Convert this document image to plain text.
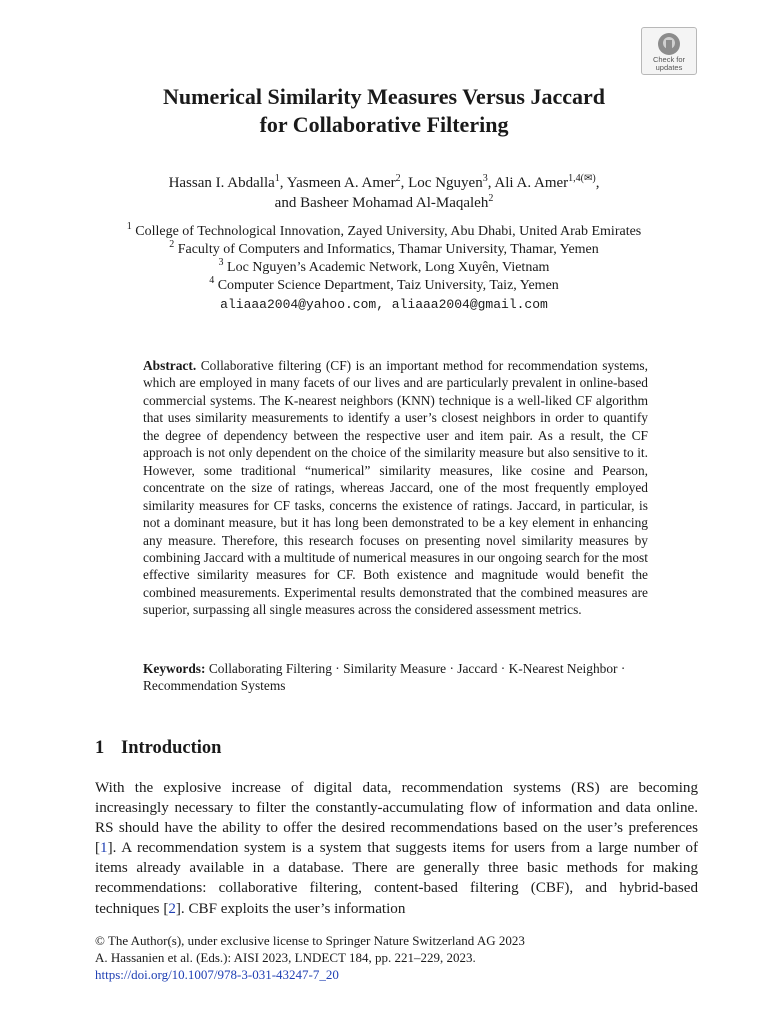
Check for
updates
Numerical Similarity Measures Versus Jaccard
for Collaborative Filtering
Hassan I. Abdalla$^1$, Yasmeen A. Amer$^2$, Loc Nguyen$^3$, Ali A. Amer$^{1,4(✉)}$,
and Basheer Mohamad Al-Maqaleh$^2$
$^1$ College of Technological Innovation, Zayed University, Abu Dhabi, United Arab Emirates
$^2$ Faculty of Computers and Informatics, Thamar University, Thamar, Yemen
$^3$ Loc Nguyen’s Academic Network, Long Xuyên, Vietnam
$^4$ Computer Science Department, Taiz University, Taiz, Yemen
aliaaa2004@yahoo.com, aliaaa2004@gmail.com

Abstract. Collaborative filtering (CF) is an important method for recommendation systems, which are employed in many facets of our lives and are particularly prevalent in online-based commercial systems. The K-nearest neighbors (KNN) technique is a well-liked CF algorithm that uses similarity measurements to identify a user’s closest neighbors in order to quantify the degree of dependency between the respective user and item pair. As a result, the CF approach is not only dependent on the choice of the similarity measure but also sensitive to it. However, some traditional “numerical” similarity measures, like cosine and Pearson, concentrate on the size of ratings, whereas Jaccard, one of the most frequently employed similarity measures for CF tasks, concerns the existence of ratings. Jaccard, in particular, is not a dominant measure, but it has long been demonstrated to be a key element in enhancing any measure. Therefore, this research focuses on presenting novel similarity measures by combining Jaccard with a multitude of numerical measures in our ongoing search for the most effective similarity measures for CF. Both existence and magnitude would benefit the combined measurements. Experimental results demonstrated that the combined measures are superior, surpassing all single measures across the considered assessment metrics.

Keywords: Collaborating Filtering · Similarity Measure · Jaccard · K-Nearest Neighbor · Recommendation Systems

1 Introduction

With the explosive increase of digital data, recommendation systems (RS) are becoming increasingly necessary to filter the constantly-accumulating flow of information and data online. RS should have the ability to offer the desired recommendations based on the user’s preferences [1]. A recommendation system is a system that suggests items for users from a large number of items already available in a database. There are generally three basic methods for making recommendations: collaborative filtering, content-based filtering (CBF), and hybrid-based techniques [2]. CBF exploits the user’s information

© The Author(s), under exclusive license to Springer Nature Switzerland AG 2023
A. Hassanien et al. (Eds.): AISI 2023, LNDECT 184, pp. 221–229, 2023.
https://doi.org/10.1007/978-3-031-43247-7_20
